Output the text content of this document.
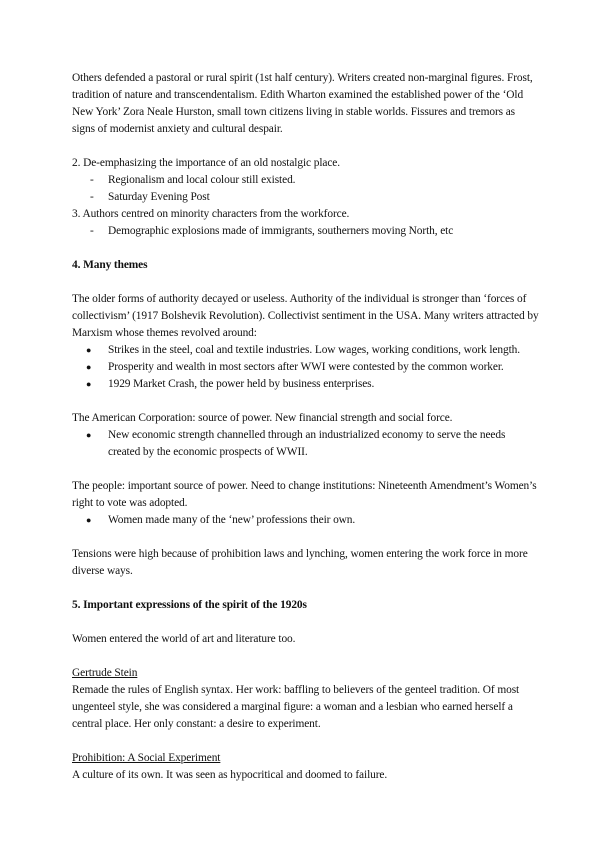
Others defended a pastoral or rural spirit (1st half century). Writers created non-marginal figures. Frost, tradition of nature and transcendentalism. Edith Wharton examined the established power of the ‘Old New York’ Zora Neale Hurston, small town citizens living in stable worlds. Fissures and tremors as signs of modernist anxiety and cultural despair.

2. De-emphasizing the importance of an old nostalgic place.

- Regionalism and local colour still existed.
- Saturday Evening Post

3. Authors centred on minority characters from the workforce.

- Demographic explosions made of immigrants, southerners moving North, etc

4. Many themes

The older forms of authority decayed or useless. Authority of the individual is stronger than ‘forces of collectivism’ (1917 Bolshevik Revolution). Collectivist sentiment in the USA. Many writers attracted by Marxism whose themes revolved around:

● Strikes in the steel, coal and textile industries. Low wages, working conditions, work length.
● Prosperity and wealth in most sectors after WWI were contested by the common worker.
● 1929 Market Crash, the power held by business enterprises.

The American Corporation: source of power. New financial strength and social force.

● New economic strength channelled through an industrialized economy to serve the needs created by the economic prospects of WWII.

The people: important source of power. Need to change institutions: Nineteenth Amendment’s Women’s right to vote was adopted.

● Women made many of the ‘new’ professions their own.

Tensions were high because of prohibition laws and lynching, women entering the work force in more diverse ways.

5. Important expressions of the spirit of the 1920s

Women entered the world of art and literature too.

Gertrude Stein

Remade the rules of English syntax. Her work: baffling to believers of the genteel tradition. Of most ungenteel style, she was considered a marginal figure: a woman and a lesbian who earned herself a central place. Her only constant: a desire to experiment.

Prohibition: A Social Experiment

A culture of its own. It was seen as hypocritical and doomed to failure.
